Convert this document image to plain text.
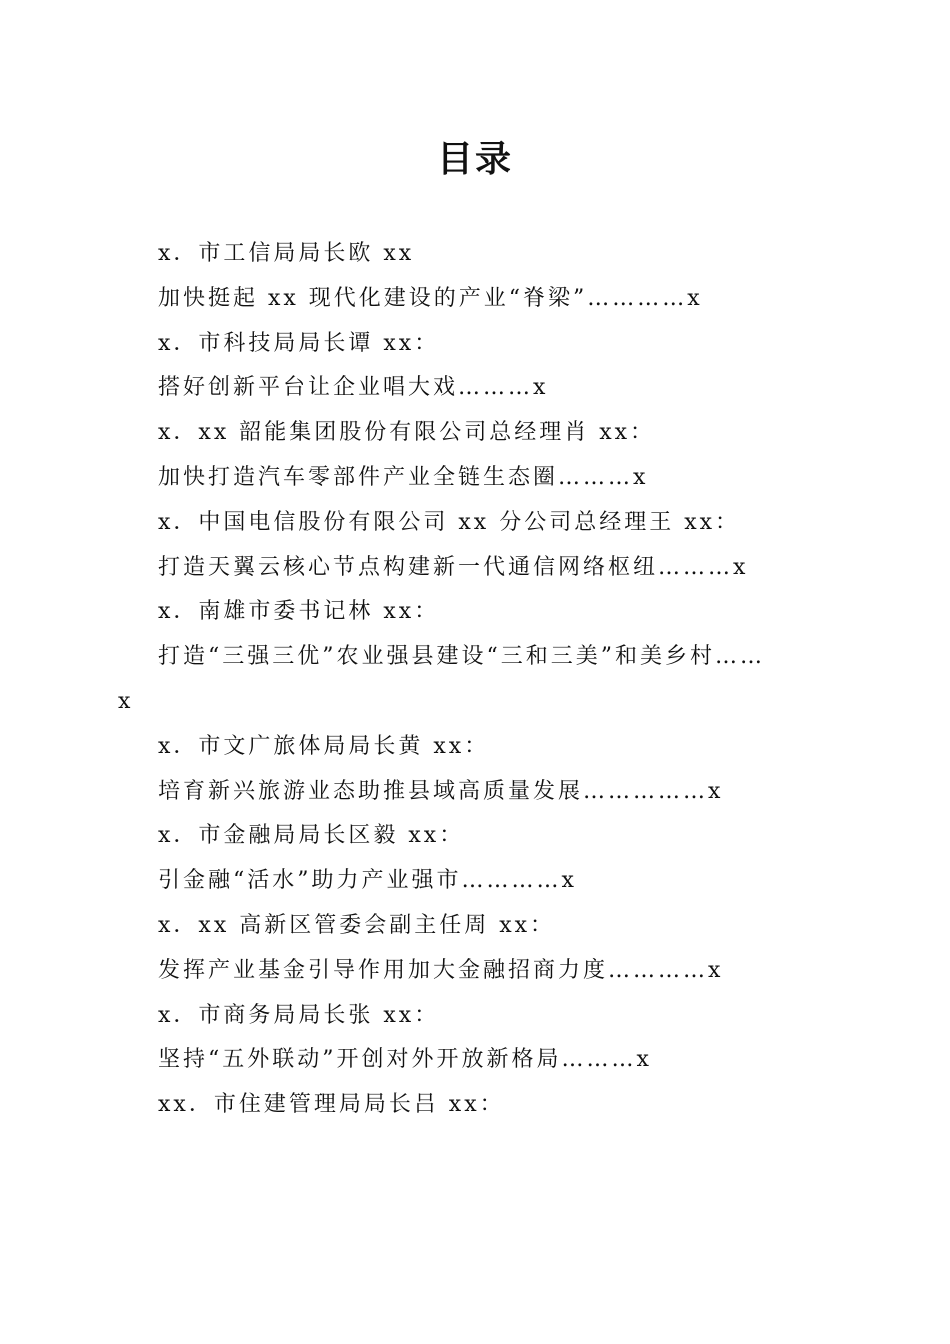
目录
x．市工信局局长欧 xx
加快挺起 xx 现代化建设的产业“脊梁”…………x
x．市科技局局长谭 xx：
搭好创新平台让企业唱大戏………x
x．xx 韶能集团股份有限公司总经理肖 xx：
加快打造汽车零部件产业全链生态圈………x
x．中国电信股份有限公司 xx 分公司总经理王 xx：
打造天翼云核心节点构建新一代通信网络枢纽………x
x．南雄市委书记林 xx：
打造“三强三优”农业强县建设“三和三美”和美乡村……
x
x．市文广旅体局局长黄 xx：
培育新兴旅游业态助推县域高质量发展……………x
x．市金融局局长区毅 xx：
引金融“活水”助力产业强市…………x
x．xx 高新区管委会副主任周 xx：
发挥产业基金引导作用加大金融招商力度…………x
x．市商务局局长张 xx：
坚持“五外联动”开创对外开放新格局………x
xx．市住建管理局局长吕 xx：
